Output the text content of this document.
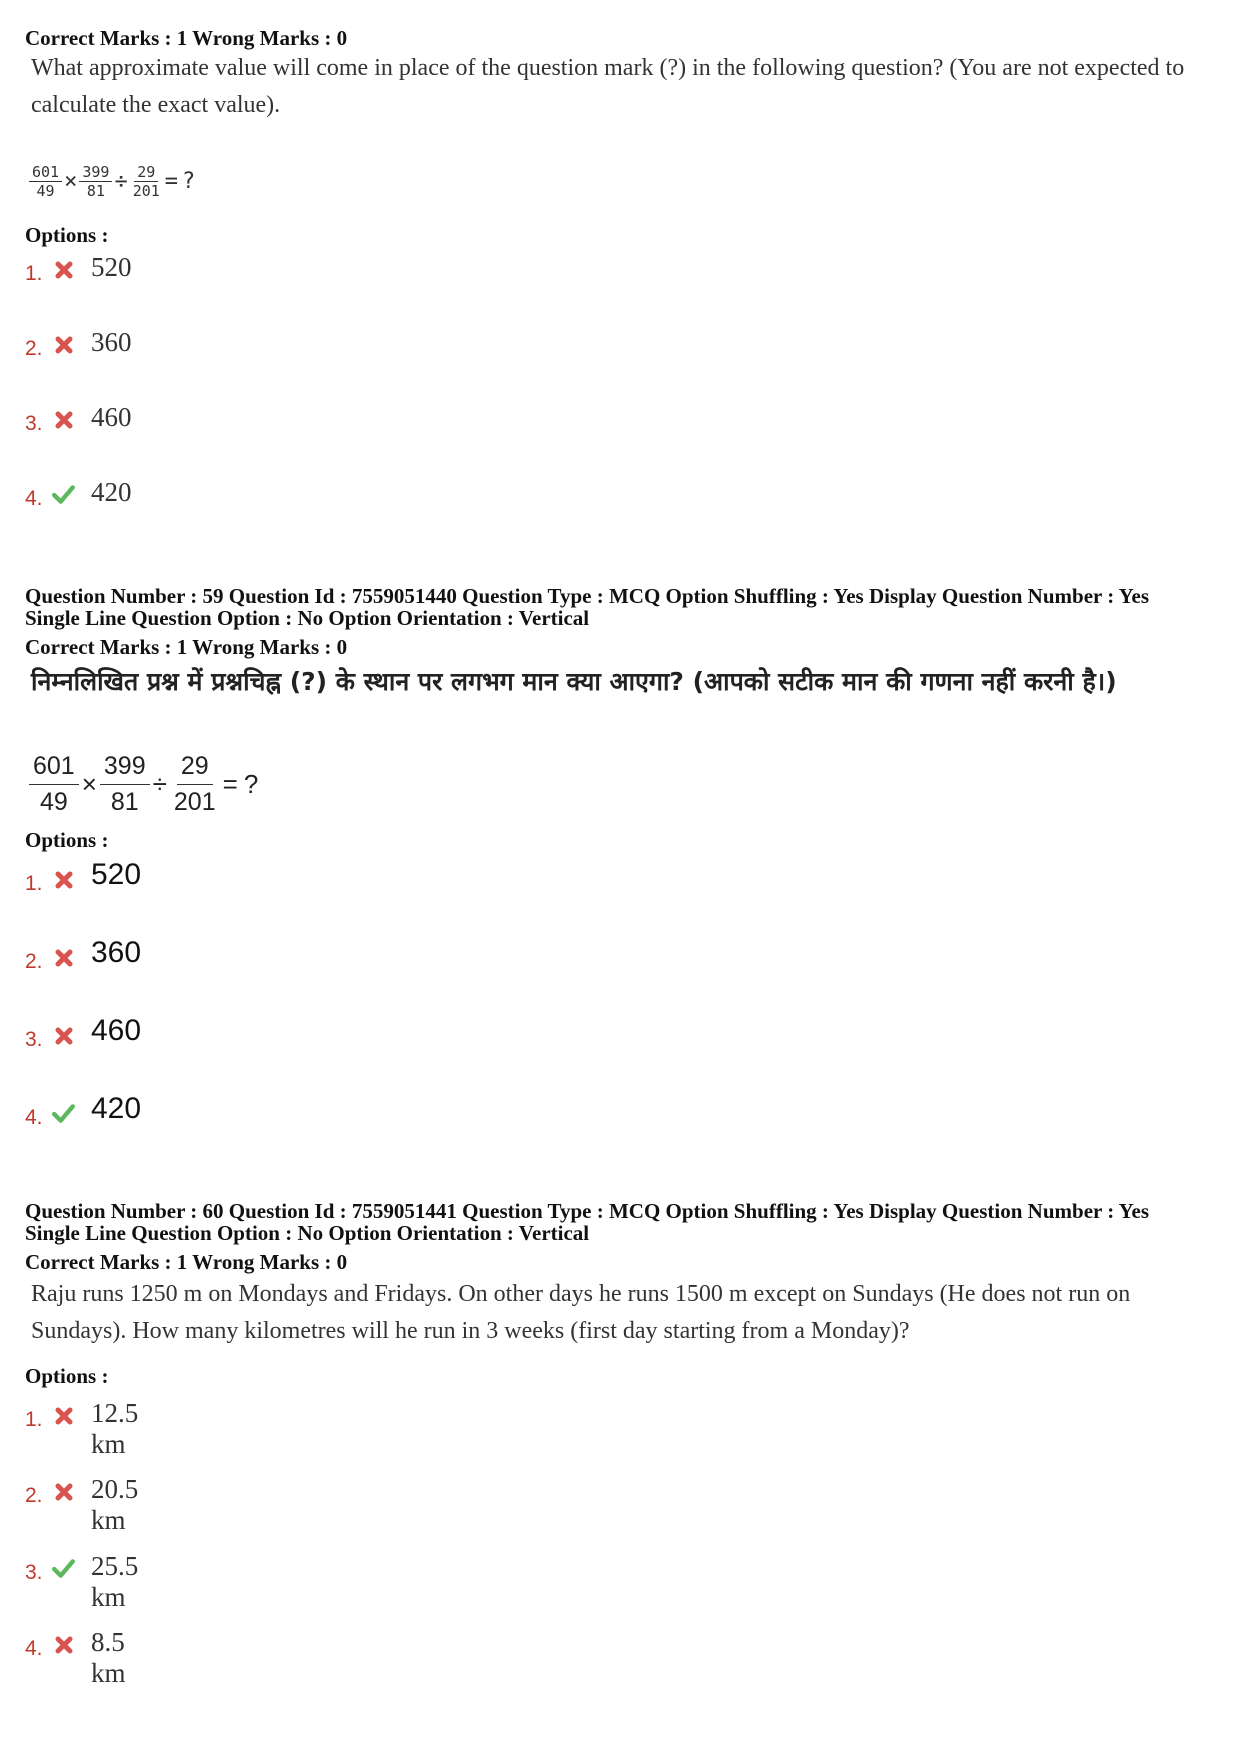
Correct Marks : 1 Wrong Marks : 0
What approximate value will come in place of the question mark (?) in the following question? (You are not expected to calculate the exact value).
$\frac{601}{49} \times \frac{399}{81} \div \frac{29}{201}$ = ?
Options :
1. 520
2. 360
3. 460
4. 420
Question Number : 59 Question Id : 7559051440 Question Type : MCQ Option Shuffling : Yes Display Question Number : Yes
Single Line Question Option : No Option Orientation : Vertical
Correct Marks : 1 Wrong Marks : 0
निम्नलिखित प्रश्न में प्रश्नचिह्न (?) के स्थान पर लगभग मान क्या आएगा? (आपको सटीक मान की गणना नहीं करनी है।)
$\frac{601}{49} \times \frac{399}{81} \div \frac{29}{201}$ = ?
Options :
1. 520
2. 360
3. 460
4. 420
Question Number : 60 Question Id : 7559051441 Question Type : MCQ Option Shuffling : Yes Display Question Number : Yes
Single Line Question Option : No Option Orientation : Vertical
Correct Marks : 1 Wrong Marks : 0
Raju runs 1250 m on Mondays and Fridays. On other days he runs 1500 m except on Sundays (He does not run on Sundays). How many kilometres will he run in 3 weeks (first day starting from a Monday)?
Options :
1. 12.5 km
2. 20.5 km
3. 25.5 km
4. 8.5 km
